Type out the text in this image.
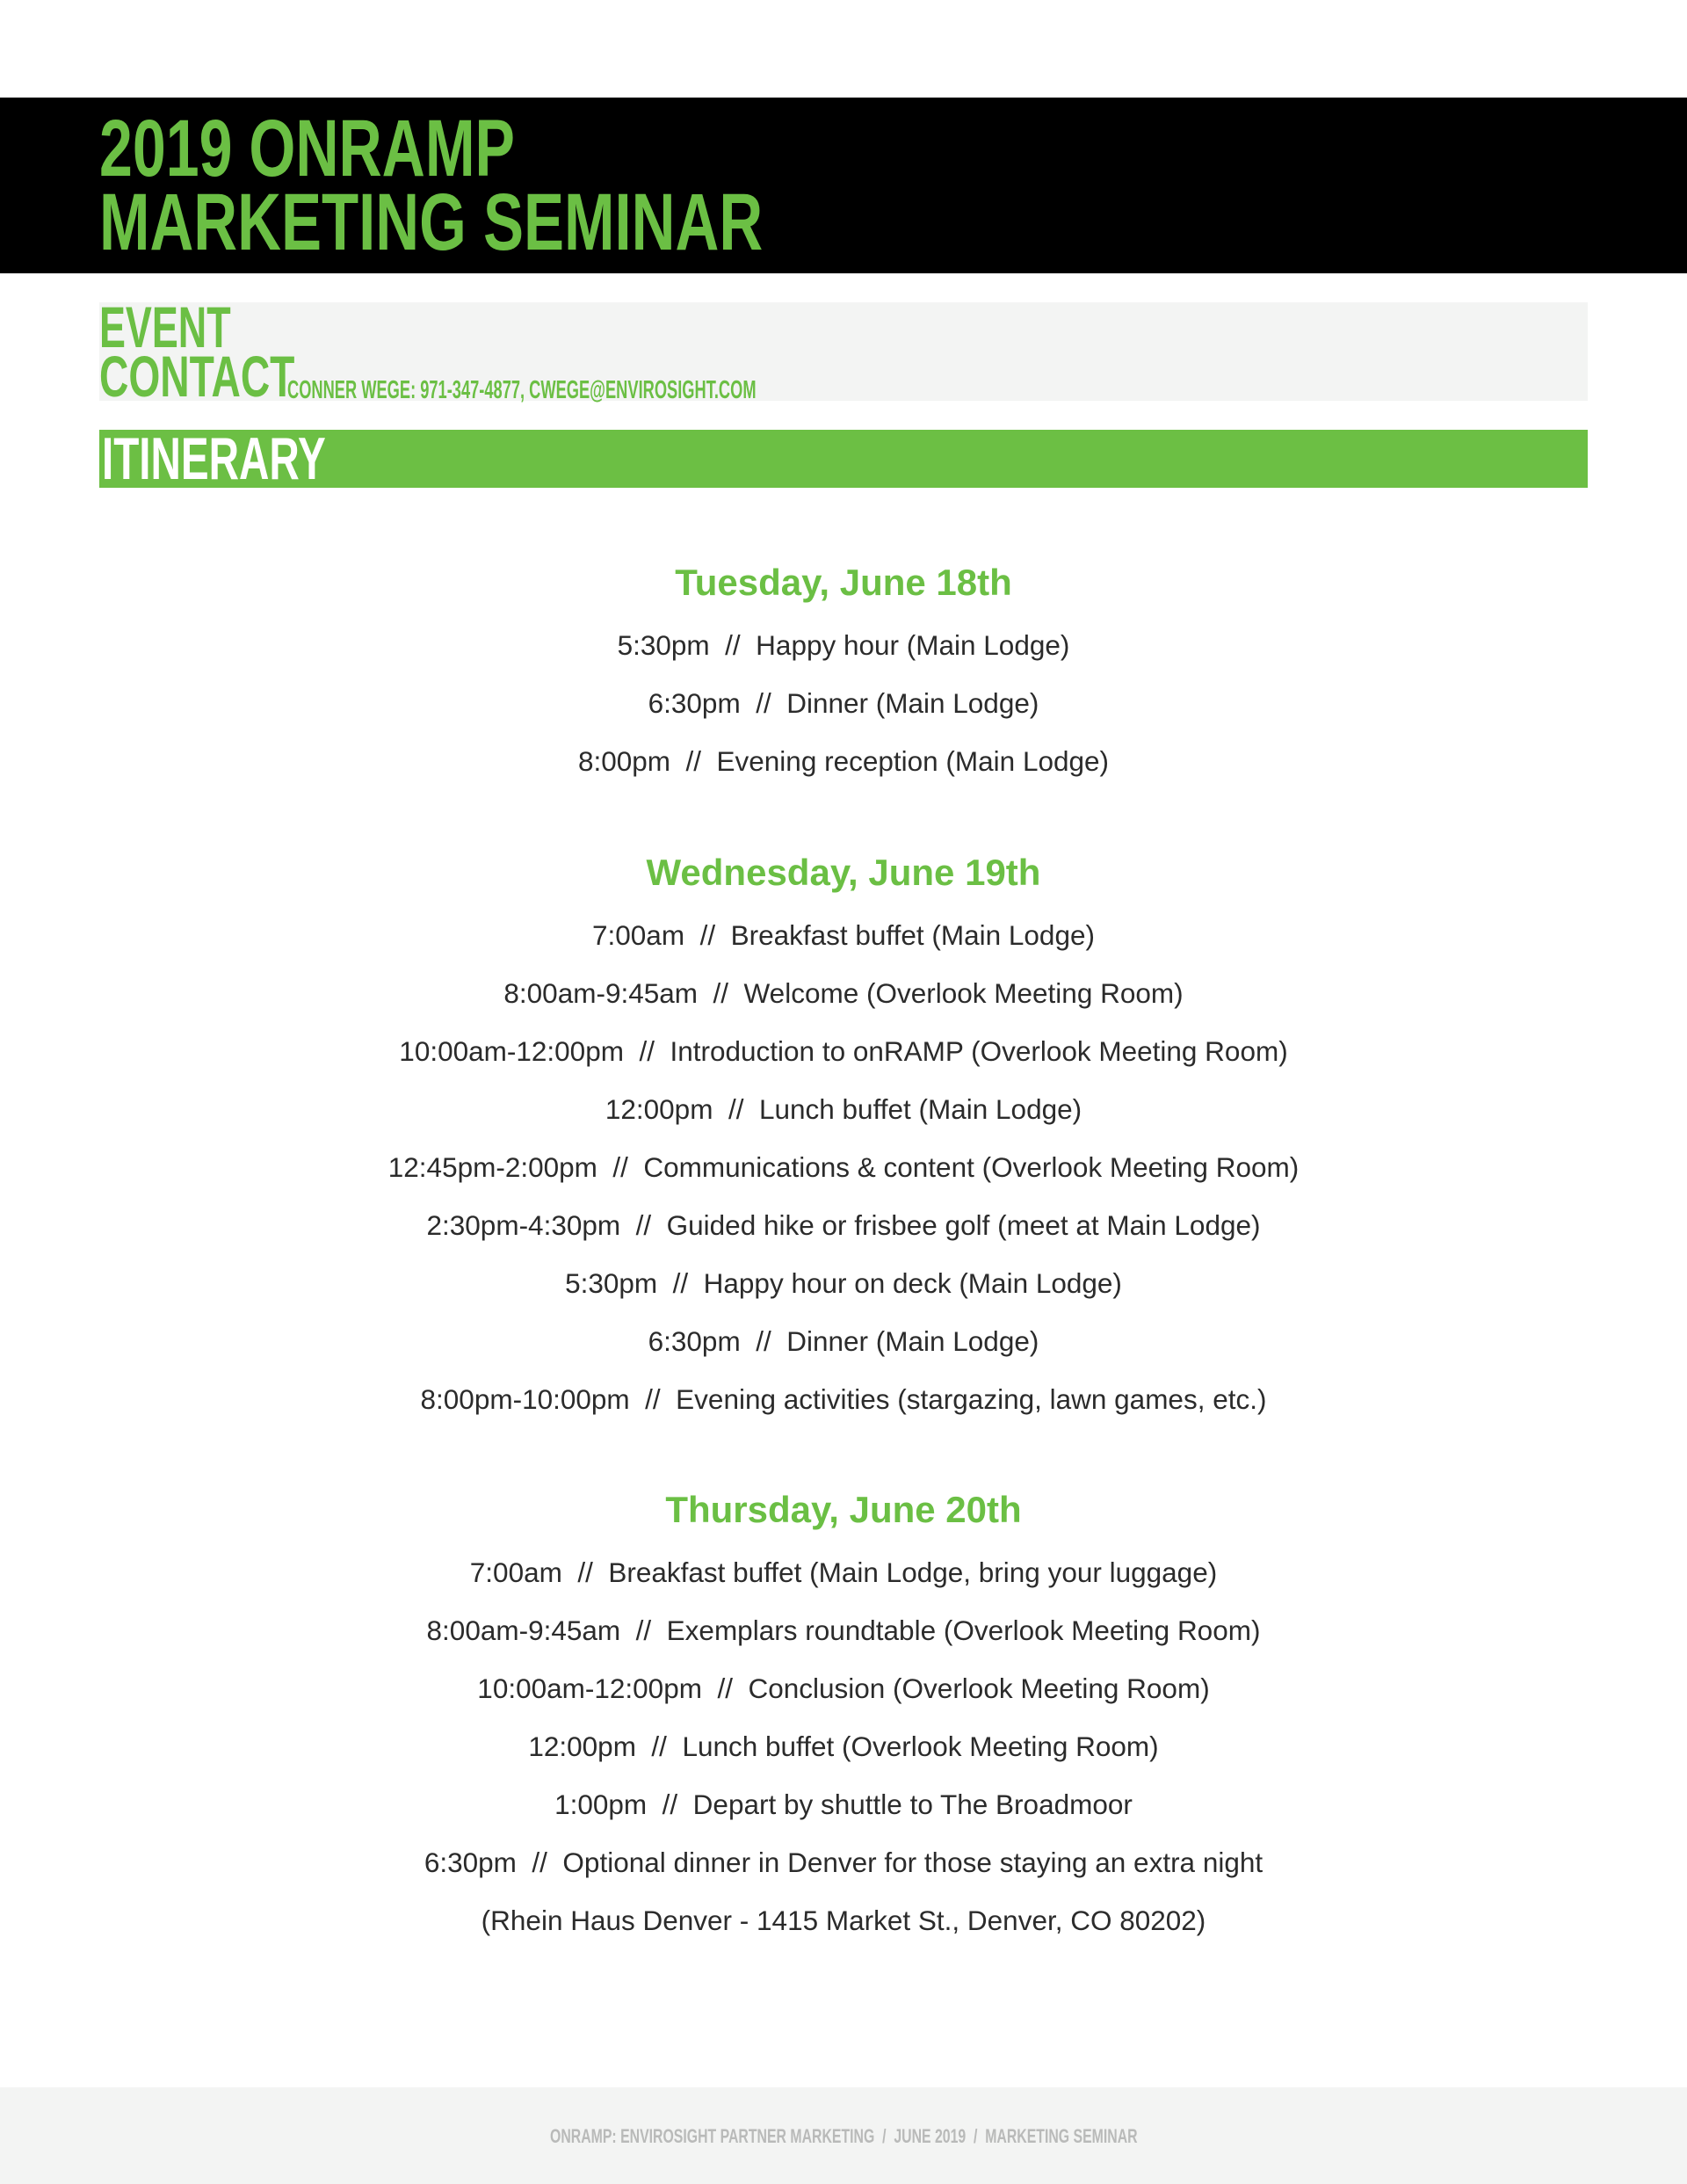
2019 ONRAMP
MARKETING SEMINAR
EVENT
CONTACT
CONNER WEGE: 971-347-4877, CWEGE@ENVIROSIGHT.COM
ITINERARY
Tuesday, June 18th
5:30pm  //  Happy hour (Main Lodge)
6:30pm  //  Dinner (Main Lodge)
8:00pm  //  Evening reception (Main Lodge)
Wednesday, June 19th
7:00am  //  Breakfast buffet (Main Lodge)
8:00am-9:45am  //  Welcome (Overlook Meeting Room)
10:00am-12:00pm  //  Introduction to onRAMP (Overlook Meeting Room)
12:00pm  //  Lunch buffet (Main Lodge)
12:45pm-2:00pm  //  Communications & content (Overlook Meeting Room)
2:30pm-4:30pm  //  Guided hike or frisbee golf (meet at Main Lodge)
5:30pm  //  Happy hour on deck (Main Lodge)
6:30pm  //  Dinner (Main Lodge)
8:00pm-10:00pm  //  Evening activities (stargazing, lawn games, etc.)
Thursday, June 20th
7:00am  //  Breakfast buffet (Main Lodge, bring your luggage)
8:00am-9:45am  //  Exemplars roundtable (Overlook Meeting Room)
10:00am-12:00pm  //  Conclusion (Overlook Meeting Room)
12:00pm  //  Lunch buffet (Overlook Meeting Room)
1:00pm  //  Depart by shuttle to The Broadmoor
6:30pm  //  Optional dinner in Denver for those staying an extra night
(Rhein Haus Denver - 1415 Market St., Denver, CO 80202)
ONRAMP: ENVIROSIGHT PARTNER MARKETING  /  JUNE 2019  /  MARKETING SEMINAR
